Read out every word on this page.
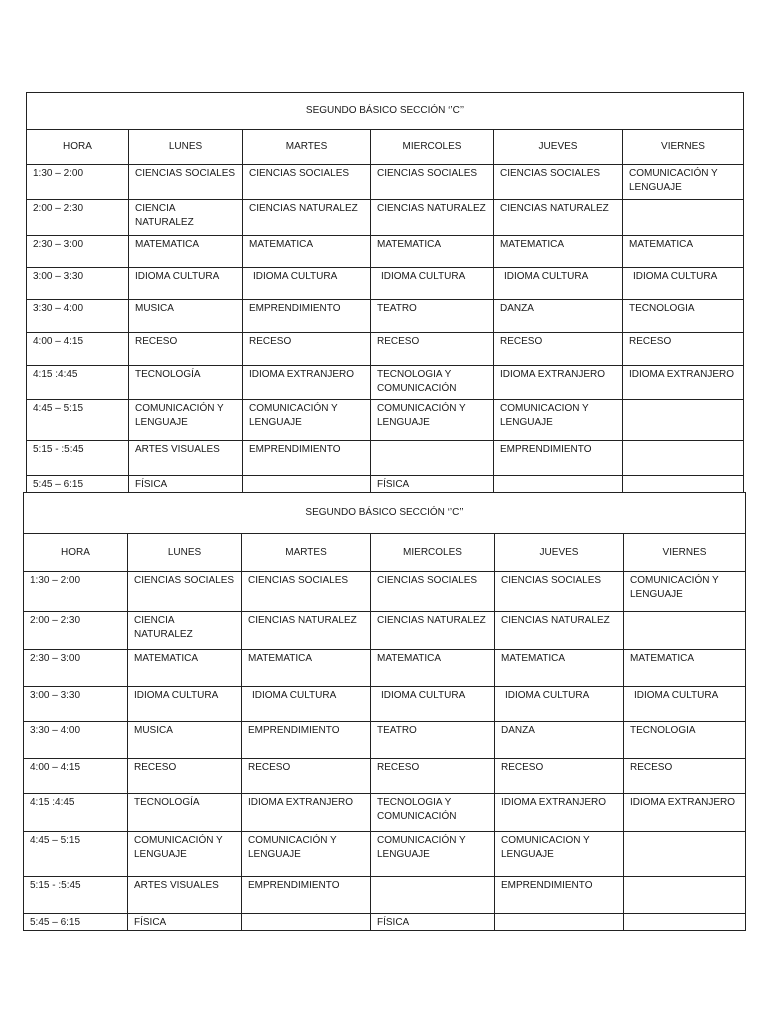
SEGUNDO BÁSICO SECCIÓN ‘’C’’					
HORA	LUNES	MARTES	MIERCOLES	JUEVES	VIERNES

1:30 – 2:00	CIENCIAS SOCIALES	CIENCIAS SOCIALES	CIENCIAS SOCIALES	CIENCIAS SOCIALES	COMUNICACIÓN Y
LENGUAJE

2:00 – 2:30	CIENCIA NATURALEZ	CIENCIAS NATURALEZ	CIENCIAS NATURALEZ	CIENCIAS NATURALEZ	

2:30 – 3:00	MATEMATICA	MATEMATICA	MATEMATICA	MATEMATICA	MATEMATICA

3:00 – 3:30	IDIOMA CULTURA	IDIOMA CULTURA	IDIOMA CULTURA	IDIOMA CULTURA	IDIOMA CULTURA

3:30 – 4:00	MUSICA	EMPRENDIMIENTO	TEATRO	DANZA	TECNOLOGIA

4:00 – 4:15	RECESO	RECESO	RECESO	RECESO	RECESO

4:15 :4:45	TECNOLOGÍA	IDIOMA EXTRANJERO	TECNOLOGIA Y
COMUNICACIÓN	IDIOMA EXTRANJERO	IDIOMA EXTRANJERO

4:45 – 5:15	COMUNICACIÓN Y
LENGUAJE	COMUNICACIÓN Y
LENGUAJE	COMUNICACIÓN Y
LENGUAJE	COMUNICACION Y
LENGUAJE	

5:15 - :5:45	ARTES VISUALES	EMPRENDIMIENTO		EMPRENDIMIENTO	

5:45 – 6:15	FÍSICA		FÍSICA		

SEGUNDO BÁSICO SECCIÓN ‘’C’’					
HORA	LUNES	MARTES	MIERCOLES	JUEVES	VIERNES

1:30 – 2:00	CIENCIAS SOCIALES	CIENCIAS SOCIALES	CIENCIAS SOCIALES	CIENCIAS SOCIALES	COMUNICACIÓN Y
LENGUAJE

2:00 – 2:30	CIENCIA NATURALEZ	CIENCIAS NATURALEZ	CIENCIAS NATURALEZ	CIENCIAS NATURALEZ	

2:30 – 3:00	MATEMATICA	MATEMATICA	MATEMATICA	MATEMATICA	MATEMATICA

3:00 – 3:30	IDIOMA CULTURA	IDIOMA CULTURA	IDIOMA CULTURA	IDIOMA CULTURA	IDIOMA CULTURA

3:30 – 4:00	MUSICA	EMPRENDIMIENTO	TEATRO	DANZA	TECNOLOGIA

4:00 – 4:15	RECESO	RECESO	RECESO	RECESO	RECESO

4:15 :4:45	TECNOLOGÍA	IDIOMA EXTRANJERO	TECNOLOGIA Y
COMUNICACIÓN	IDIOMA EXTRANJERO	IDIOMA EXTRANJERO

4:45 – 5:15	COMUNICACIÓN Y
LENGUAJE	COMUNICACIÓN Y
LENGUAJE	COMUNICACIÓN Y
LENGUAJE	COMUNICACION Y
LENGUAJE	

5:15 - :5:45	ARTES VISUALES	EMPRENDIMIENTO		EMPRENDIMIENTO	

5:45 – 6:15	FÍSICA		FÍSICA		
